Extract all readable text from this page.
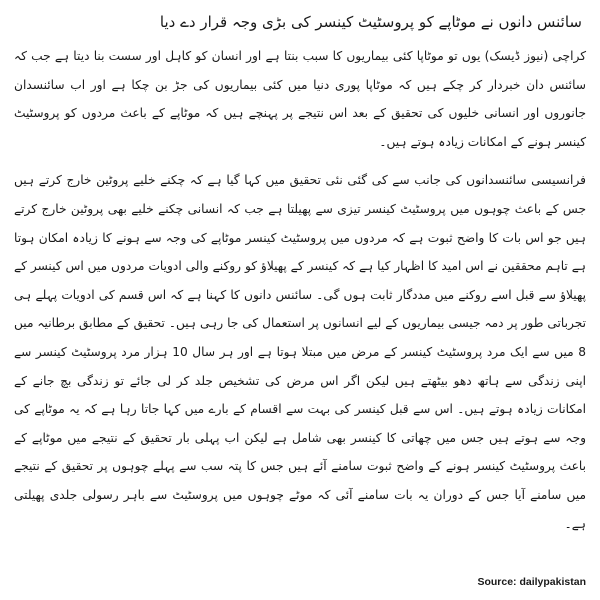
سائنس دانوں نے موٹاپے کو پروسٹیٹ کینسر کی بڑی وجہ قرار دے دیا

کراچی (نیوز ڈیسک) یوں تو موٹاپا کئی بیماریوں کا سبب بنتا ہے اور انسان کو کاہل اور سست بنا دیتا ہے جب کہ سائنس دان خبردار کر چکے ہیں کہ موٹاپا پوری دنیا میں کئی بیماریوں کی جڑ بن چکا ہے اور اب سائنسدان جانوروں اور انسانی خلیوں کی تحقیق کے بعد اس نتیجے پر پہنچے ہیں کہ موٹاپے کے باعث مردوں کو پروسٹیٹ کینسر ہونے کے امکانات زیادہ ہوتے ہیں۔

فرانسیسی سائنسدانوں کی جانب سے کی گئی نئی تحقیق میں کہا گیا ہے کہ چکنے خلیے پروٹین خارج کرتے ہیں جس کے باعث چوہوں میں پروسٹیٹ کینسر تیزی سے پھیلتا ہے جب کہ انسانی چکنے خلیے بھی پروٹین خارج کرتے ہیں جو اس بات کا واضح ثبوت ہے کہ مردوں میں پروسٹیٹ کینسر موٹاپے کی وجہ سے ہونے کا زیادہ امکان ہوتا ہے تاہم محققین نے اس امید کا اظہار کیا ہے کہ کینسر کے پھیلاؤ کو روکنے والی ادویات مردوں میں اس کینسر کے پھیلاؤ سے قبل اسے روکنے میں مددگار ثابت ہوں گی۔ سائنس دانوں کا کہنا ہے کہ اس قسم کی ادویات پہلے ہی تجرباتی طور پر دمہ جیسی بیماریوں کے لیے انسانوں پر استعمال کی جا رہی ہیں۔ تحقیق کے مطابق برطانیہ میں 8 میں سے ایک مرد پروسٹیٹ کینسر کے مرض میں مبتلا ہوتا ہے اور ہر سال 10 ہزار مرد پروسٹیٹ کینسر سے اپنی زندگی سے ہاتھ دھو بیٹھتے ہیں لیکن اگر اس مرض کی تشخیص جلد کر لی جائے تو زندگی بچ جانے کے امکانات زیادہ ہوتے ہیں۔ اس سے قبل کینسر کی بہت سے اقسام کے بارے میں کہا جاتا رہا ہے کہ یہ موٹاپے کی وجہ سے ہوتے ہیں جس میں چھاتی کا کینسر بھی شامل ہے لیکن اب پہلی بار تحقیق کے نتیجے میں موٹاپے کے باعث پروسٹیٹ کینسر ہونے کے واضح ثبوت سامنے آئے ہیں جس کا پتہ سب سے پہلے چوہوں پر تحقیق کے نتیجے میں سامنے آیا جس کے دوران یہ بات سامنے آئی کہ موٹے چوہوں میں پروسٹیٹ سے باہر رسولی جلدی پھیلتی ہے۔

Source: dailypakistan
